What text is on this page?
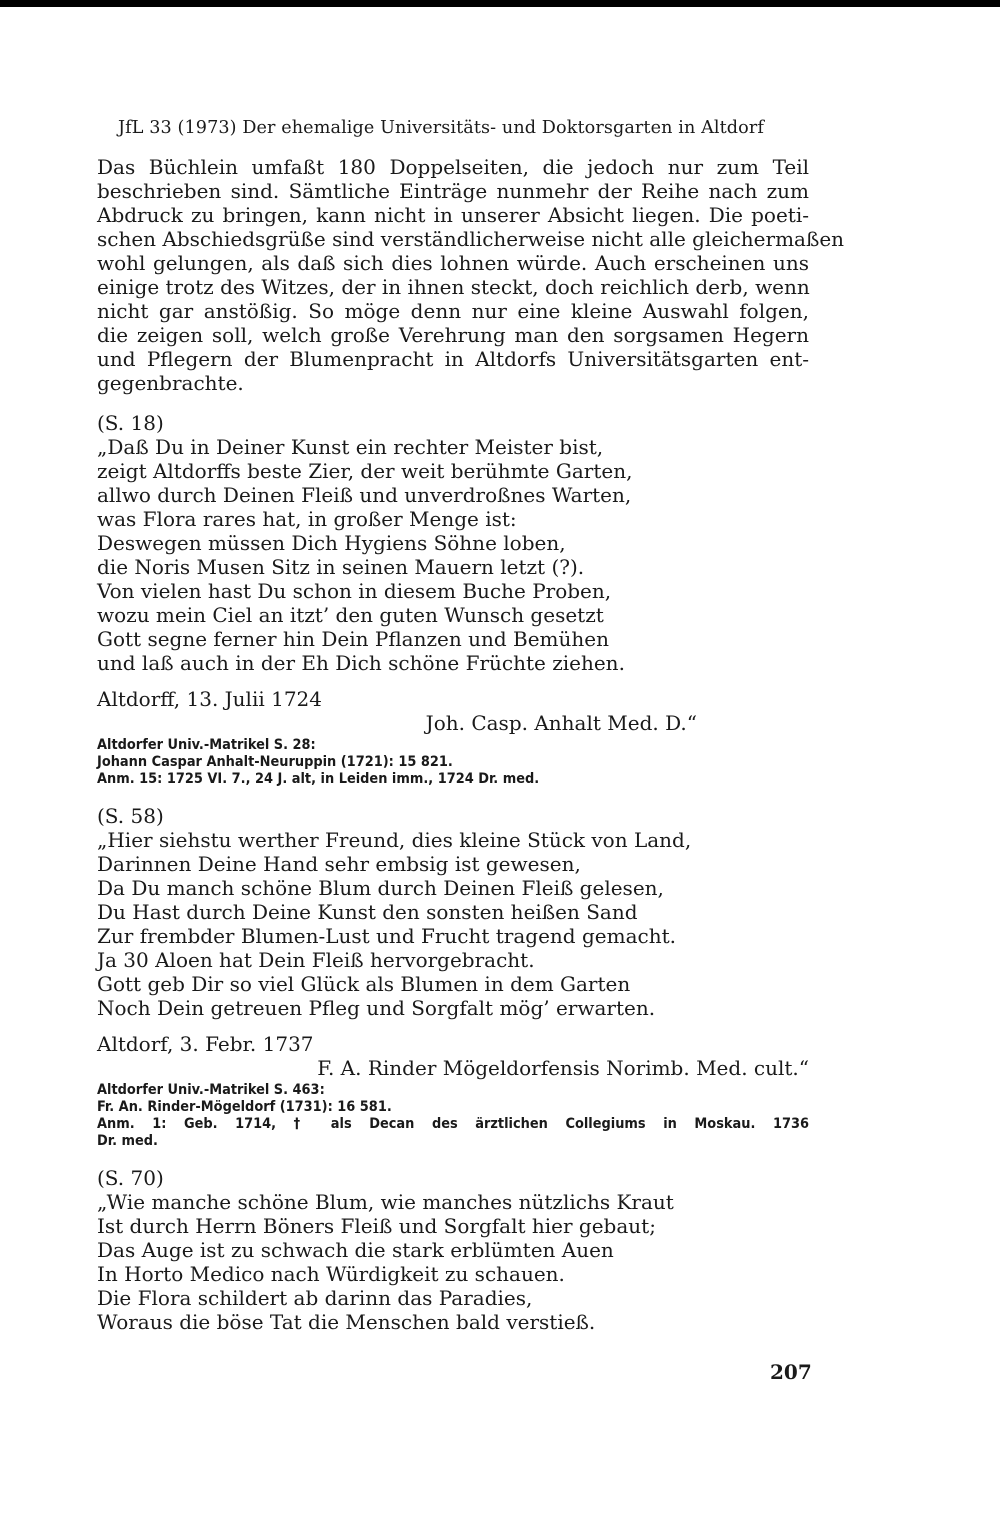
JfL 33 (1973) Der ehemalige Universitäts- und Doktorsgarten in Altdorf
Das Büchlein umfaßt 180 Doppelseiten, die jedoch nur zum Teil
beschrieben sind. Sämtliche Einträge nunmehr der Reihe nach zum
Abdruck zu bringen, kann nicht in unserer Absicht liegen. Die poeti-
schen Abschiedsgrüße sind verständlicherweise nicht alle gleichermaßen
wohl gelungen, als daß sich dies lohnen würde. Auch erscheinen uns
einige trotz des Witzes, der in ihnen steckt, doch reichlich derb, wenn
nicht gar anstößig. So möge denn nur eine kleine Auswahl folgen,
die zeigen soll, welch große Verehrung man den sorgsamen Hegern
und Pflegern der Blumenpracht in Altdorfs Universitätsgarten ent-
gegenbrachte.
(S. 18)
„Daß Du in Deiner Kunst ein rechter Meister bist,
zeigt Altdorffs beste Zier, der weit berühmte Garten,
allwo durch Deinen Fleiß und unverdroßnes Warten,
was Flora rares hat, in großer Menge ist:
Deswegen müssen Dich Hygiens Söhne loben,
die Noris Musen Sitz in seinen Mauern letzt (?).
Von vielen hast Du schon in diesem Buche Proben,
wozu mein Ciel an itzt’ den guten Wunsch gesetzt
Gott segne ferner hin Dein Pflanzen und Bemühen
und laß auch in der Eh Dich schöne Früchte ziehen.
Altdorff, 13. Julii 1724
Joh. Casp. Anhalt Med. D.“
Altdorfer Univ.-Matrikel S. 28:
Johann Caspar Anhalt-Neuruppin (1721): 15 821.
Anm. 15: 1725 VI. 7., 24 J. alt, in Leiden imm., 1724 Dr. med.
(S. 58)
„Hier siehstu werther Freund, dies kleine Stück von Land,
Darinnen Deine Hand sehr embsig ist gewesen,
Da Du manch schöne Blum durch Deinen Fleiß gelesen,
Du Hast durch Deine Kunst den sonsten heißen Sand
Zur frembder Blumen-Lust und Frucht tragend gemacht.
Ja 30 Aloen hat Dein Fleiß hervorgebracht.
Gott geb Dir so viel Glück als Blumen in dem Garten
Noch Dein getreuen Pfleg und Sorgfalt mög’ erwarten.
Altdorf, 3. Febr. 1737
F. A. Rinder Mögeldorfensis Norimb. Med. cult.“
Altdorfer Univ.-Matrikel S. 463:
Fr. An. Rinder-Mögeldorf (1731): 16 581.
Anm. 1: Geb. 1714, † als Decan des ärztlichen Collegiums in Moskau. 1736
Dr. med.
(S. 70)
„Wie manche schöne Blum, wie manches nützlichs Kraut
Ist durch Herrn Böners Fleiß und Sorgfalt hier gebaut;
Das Auge ist zu schwach die stark erblümten Auen
In Horto Medico nach Würdigkeit zu schauen.
Die Flora schildert ab darinn das Paradies,
Woraus die böse Tat die Menschen bald verstieß.
207
